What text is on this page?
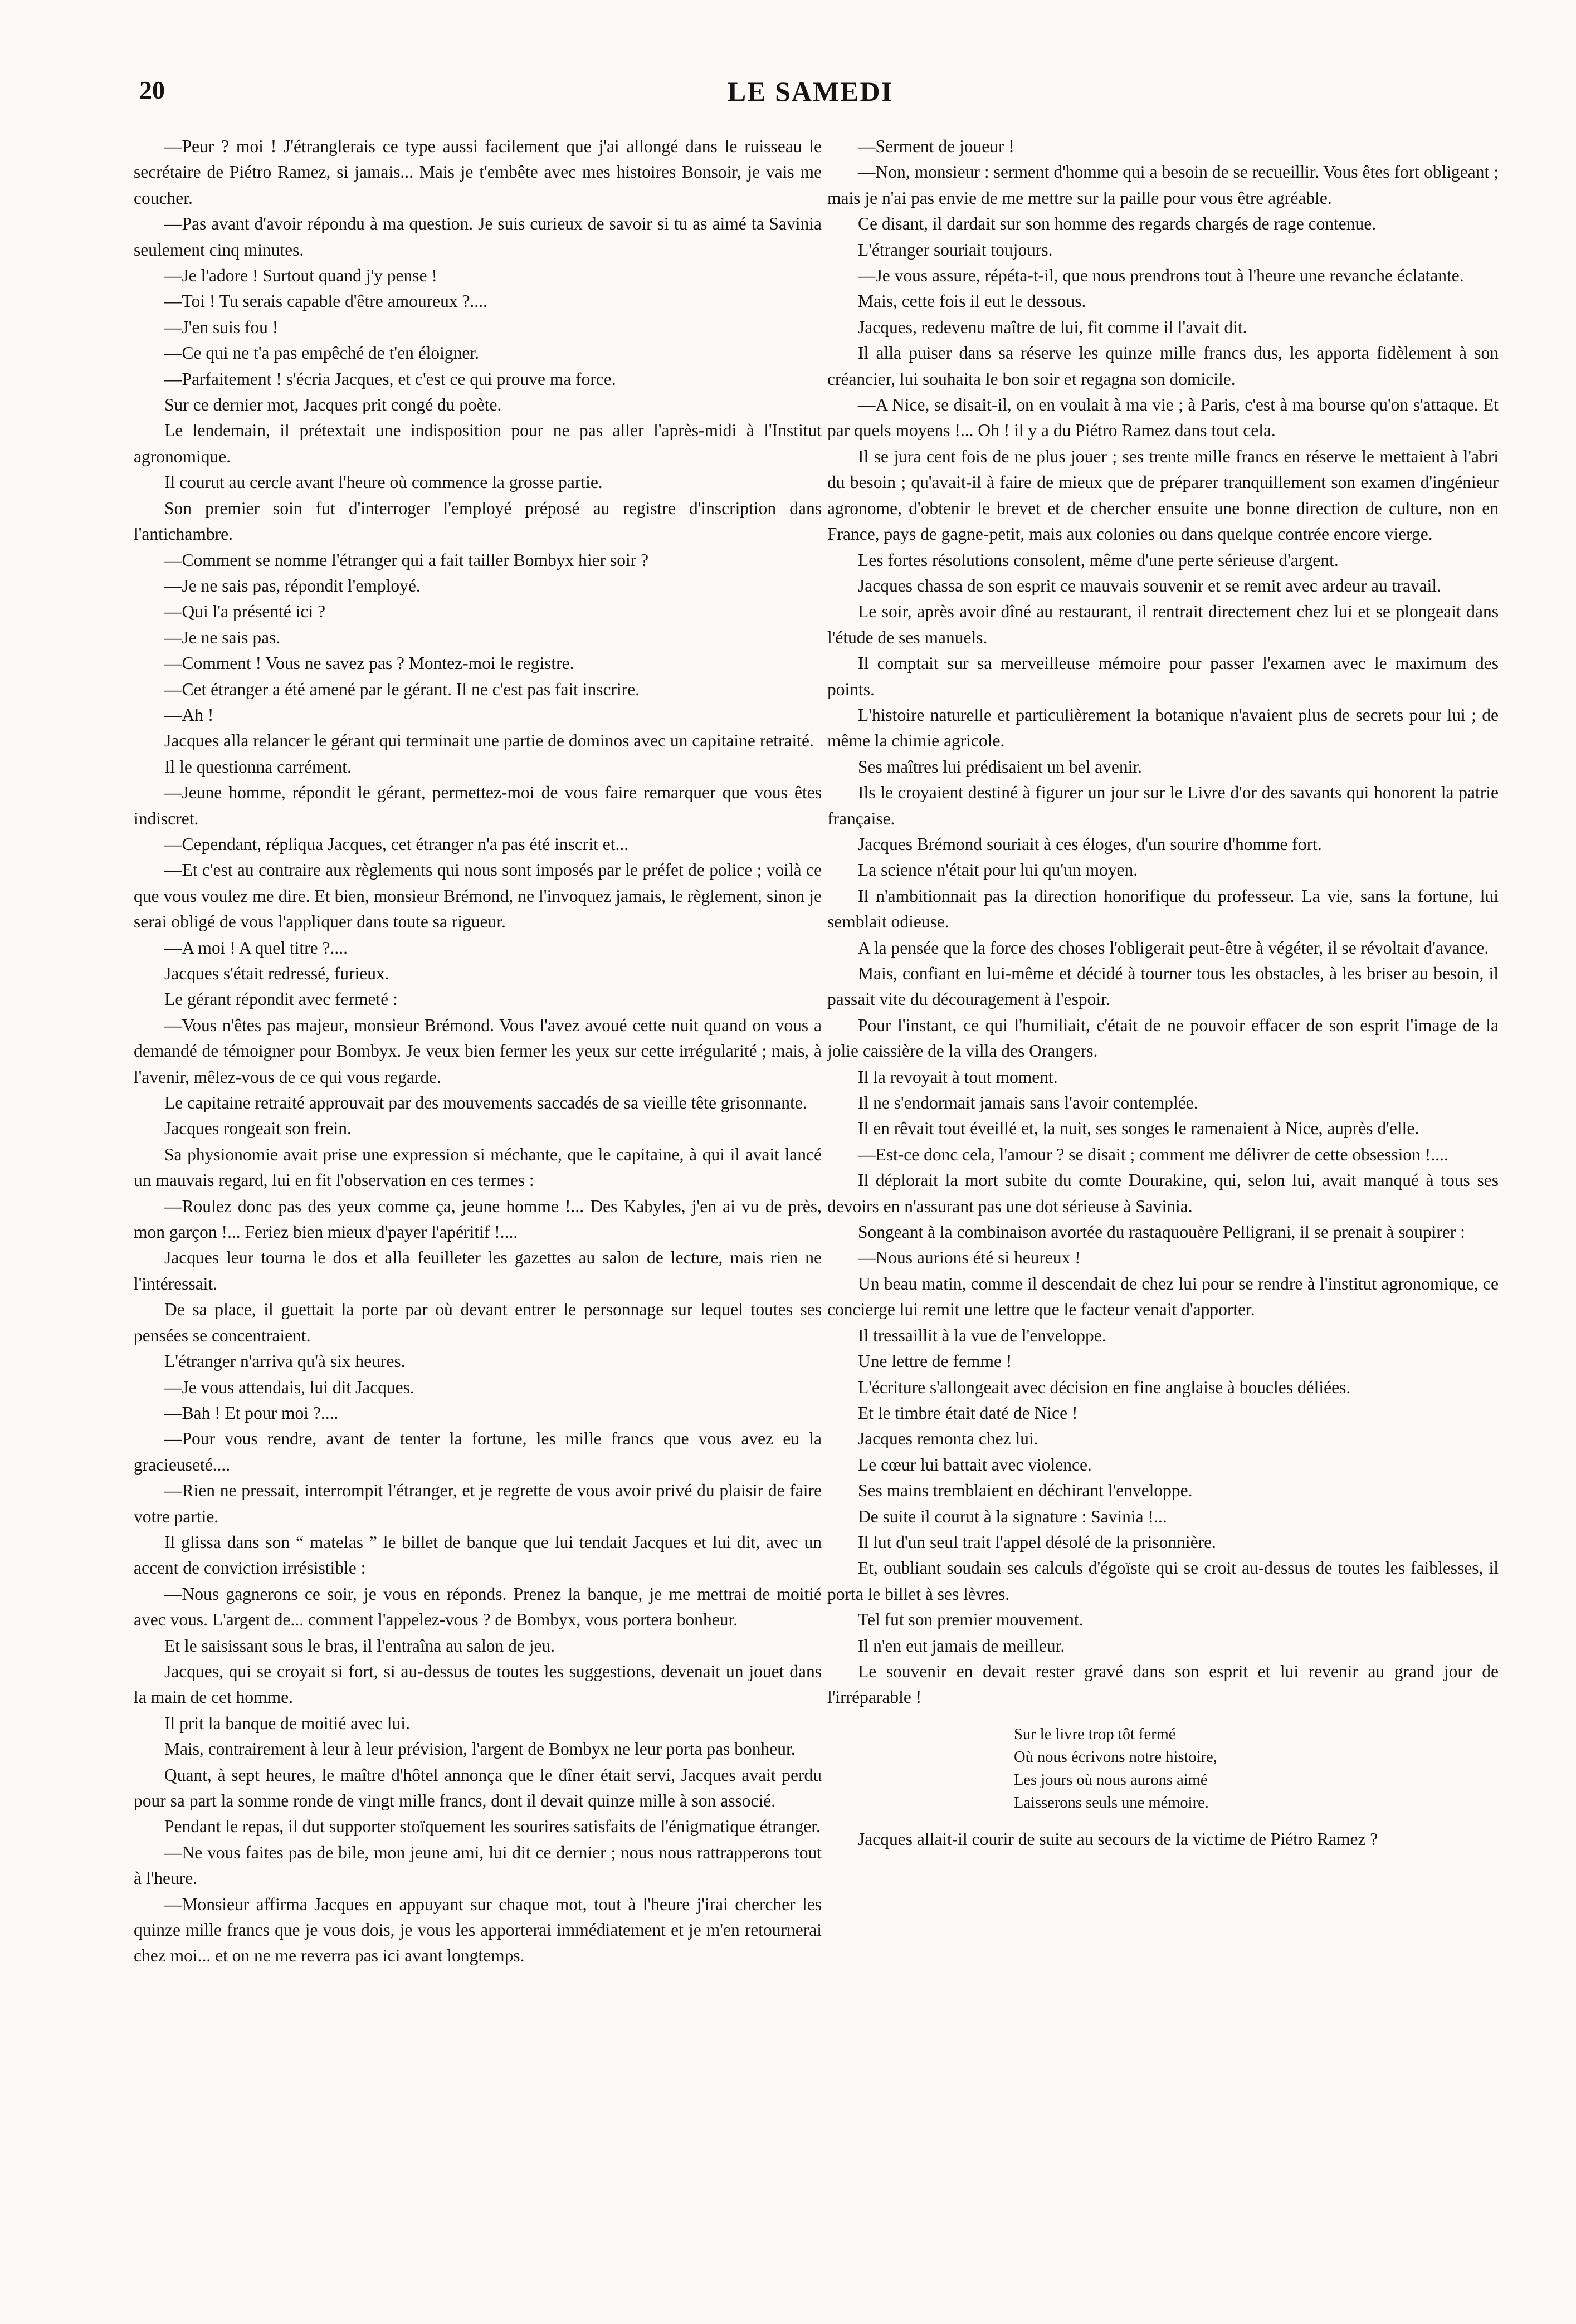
20	LE SAMEDI

—Peur ? moi ! J'étranglerais ce type aussi facilement que j'ai allongé dans le ruisseau le secrétaire de Piétro Ramez, si jamais... Mais je t'embête avec mes histoires Bonsoir, je vais me coucher.

—Pas avant d'avoir répondu à ma question. Je suis curieux de savoir si tu as aimé ta Savinia seulement cinq minutes.

—Je l'adore ! Surtout quand j'y pense !

—Toi ! Tu serais capable d'être amoureux ?....

—J'en suis fou !

—Ce qui ne t'a pas empêché de t'en éloigner.

—Parfaitement ! s'écria Jacques, et c'est ce qui prouve ma force.

Sur ce dernier mot, Jacques prit congé du poète.

Le lendemain, il prétextait une indisposition pour ne pas aller l'après-midi à l'Institut agronomique.

Il courut au cercle avant l'heure où commence la grosse partie.

Son premier soin fut d'interroger l'employé préposé au registre d'inscription dans l'antichambre.

—Comment se nomme l'étranger qui a fait tailler Bombyx hier soir ?

—Je ne sais pas, répondit l'employé.

—Qui l'a présenté ici ?

—Je ne sais pas.

—Comment ! Vous ne savez pas ? Montez-moi le registre.

—Cet étranger a été amené par le gérant. Il ne c'est pas fait inscrire.

—Ah !

Jacques alla relancer le gérant qui terminait une partie de dominos avec un capitaine retraité.

Il le questionna carrément.

—Jeune homme, répondit le gérant, permettez-moi de vous faire remarquer que vous êtes indiscret.

—Cependant, répliqua Jacques, cet étranger n'a pas été inscrit et...

—Et c'est au contraire aux règlements qui nous sont imposés par le préfet de police ; voilà ce que vous voulez me dire. Et bien, monsieur Brémond, ne l'invoquez jamais, le règlement, sinon je serai obligé de vous l'appliquer dans toute sa rigueur.

—A moi ! A quel titre ?....

Jacques s'était redressé, furieux.

Le gérant répondit avec fermeté :

—Vous n'êtes pas majeur, monsieur Brémond. Vous l'avez avoué cette nuit quand on vous a demandé de témoigner pour Bombyx. Je veux bien fermer les yeux sur cette irrégularité ; mais, à l'avenir, mêlez-vous de ce qui vous regarde.

Le capitaine retraité approuvait par des mouvements saccadés de sa vieille tête grisonnante.

Jacques rongeait son frein.

Sa physionomie avait prise une expression si méchante, que le capitaine, à qui il avait lancé un mauvais regard, lui en fit l'observation en ces termes :

—Roulez donc pas des yeux comme ça, jeune homme !... Des Kabyles, j'en ai vu de près, mon garçon !... Feriez bien mieux d'payer l'apéritif !....

Jacques leur tourna le dos et alla feuilleter les gazettes au salon de lecture, mais rien ne l'intéressait.

De sa place, il guettait la porte par où devant entrer le personnage sur lequel toutes ses pensées se concentraient.

L'étranger n'arriva qu'à six heures.

—Je vous attendais, lui dit Jacques.

—Bah ! Et pour moi ?....

—Pour vous rendre, avant de tenter la fortune, les mille francs que vous avez eu la gracieuseté....

—Rien ne pressait, interrompit l'étranger, et je regrette de vous avoir privé du plaisir de faire votre partie.

Il glissa dans son “ matelas ” le billet de banque que lui tendait Jacques et lui dit, avec un accent de conviction irrésistible :

—Nous gagnerons ce soir, je vous en réponds. Prenez la banque, je me mettrai de moitié avec vous. L'argent de... comment l'appelez-vous ? de Bombyx, vous portera bonheur.

Et le saisissant sous le bras, il l'entraîna au salon de jeu.

Jacques, qui se croyait si fort, si au-dessus de toutes les suggestions, devenait un jouet dans la main de cet homme.

Il prit la banque de moitié avec lui.

Mais, contrairement à leur à leur prévision, l'argent de Bombyx ne leur porta pas bonheur.

Quant, à sept heures, le maître d'hôtel annonça que le dîner était servi, Jacques avait perdu pour sa part la somme ronde de vingt mille francs, dont il devait quinze mille à son associé.

Pendant le repas, il dut supporter stoïquement les sourires satisfaits de l'énigmatique étranger.

—Ne vous faites pas de bile, mon jeune ami, lui dit ce dernier ; nous nous rattrapperons tout à l'heure.

—Monsieur affirma Jacques en appuyant sur chaque mot, tout à l'heure j'irai chercher les quinze mille francs que je vous dois, je vous les apporterai immédiatement et je m'en retournerai chez moi... et on ne me reverra pas ici avant longtemps.

—Serment de joueur !

—Non, monsieur : serment d'homme qui a besoin de se recueillir. Vous êtes fort obligeant ; mais je n'ai pas envie de me mettre sur la paille pour vous être agréable.

Ce disant, il dardait sur son homme des regards chargés de rage contenue.

L'étranger souriait toujours.

—Je vous assure, répéta-t-il, que nous prendrons tout à l'heure une revanche éclatante.

Mais, cette fois il eut le dessous.

Jacques, redevenu maître de lui, fit comme il l'avait dit.

Il alla puiser dans sa réserve les quinze mille francs dus, les apporta fidèlement à son créancier, lui souhaita le bon soir et regagna son domicile.

—A Nice, se disait-il, on en voulait à ma vie ; à Paris, c'est à ma bourse qu'on s'attaque. Et par quels moyens !... Oh ! il y a du Piétro Ramez dans tout cela.

Il se jura cent fois de ne plus jouer ; ses trente mille francs en réserve le mettaient à l'abri du besoin ; qu'avait-il à faire de mieux que de préparer tranquillement son examen d'ingénieur agronome, d'obtenir le brevet et de chercher ensuite une bonne direction de culture, non en France, pays de gagne-petit, mais aux colonies ou dans quelque contrée encore vierge.

Les fortes résolutions consolent, même d'une perte sérieuse d'argent.

Jacques chassa de son esprit ce mauvais souvenir et se remit avec ardeur au travail.

Le soir, après avoir dîné au restaurant, il rentrait directement chez lui et se plongeait dans l'étude de ses manuels.

Il comptait sur sa merveilleuse mémoire pour passer l'examen avec le maximum des points.

L'histoire naturelle et particulièrement la botanique n'avaient plus de secrets pour lui ; de même la chimie agricole.

Ses maîtres lui prédisaient un bel avenir.

Ils le croyaient destiné à figurer un jour sur le Livre d'or des savants qui honorent la patrie française.

Jacques Brémond souriait à ces éloges, d'un sourire d'homme fort.

La science n'était pour lui qu'un moyen.

Il n'ambitionnait pas la direction honorifique du professeur. La vie, sans la fortune, lui semblait odieuse.

A la pensée que la force des choses l'obligerait peut-être à végéter, il se révoltait d'avance.

Mais, confiant en lui-même et décidé à tourner tous les obstacles, à les briser au besoin, il passait vite du découragement à l'espoir.

Pour l'instant, ce qui l'humiliait, c'était de ne pouvoir effacer de son esprit l'image de la jolie caissière de la villa des Orangers.

Il la revoyait à tout moment.

Il ne s'endormait jamais sans l'avoir contemplée.

Il en rêvait tout éveillé et, la nuit, ses songes le ramenaient à Nice, auprès d'elle.

—Est-ce donc cela, l'amour ? se disait ; comment me délivrer de cette obsession !....

Il déplorait la mort subite du comte Dourakine, qui, selon lui, avait manqué à tous ses devoirs en n'assurant pas une dot sérieuse à Savinia.

Songeant à la combinaison avortée du rastaquouère Pelligrani, il se prenait à soupirer :

—Nous aurions été si heureux !

Un beau matin, comme il descendait de chez lui pour se rendre à l'institut agronomique, ce concierge lui remit une lettre que le facteur venait d'apporter.

Il tressaillit à la vue de l'enveloppe.

Une lettre de femme !

L'écriture s'allongeait avec décision en fine anglaise à boucles déliées.

Et le timbre était daté de Nice !

Jacques remonta chez lui.

Le cœur lui battait avec violence.

Ses mains tremblaient en déchirant l'enveloppe.

De suite il courut à la signature : Savinia !...

Il lut d'un seul trait l'appel désolé de la prisonnière.

Et, oubliant soudain ses calculs d'égoïste qui se croit au-dessus de toutes les faiblesses, il porta le billet à ses lèvres.

Tel fut son premier mouvement.

Il n'en eut jamais de meilleur.

Le souvenir en devait rester gravé dans son esprit et lui revenir au grand jour de l'irréparable !

Sur le livre trop tôt fermé
Où nous écrivons notre histoire,
Les jours où nous aurons aimé
Laisserons seuls une mémoire.

Jacques allait-il courir de suite au secours de la victime de Piétro Ramez ?
